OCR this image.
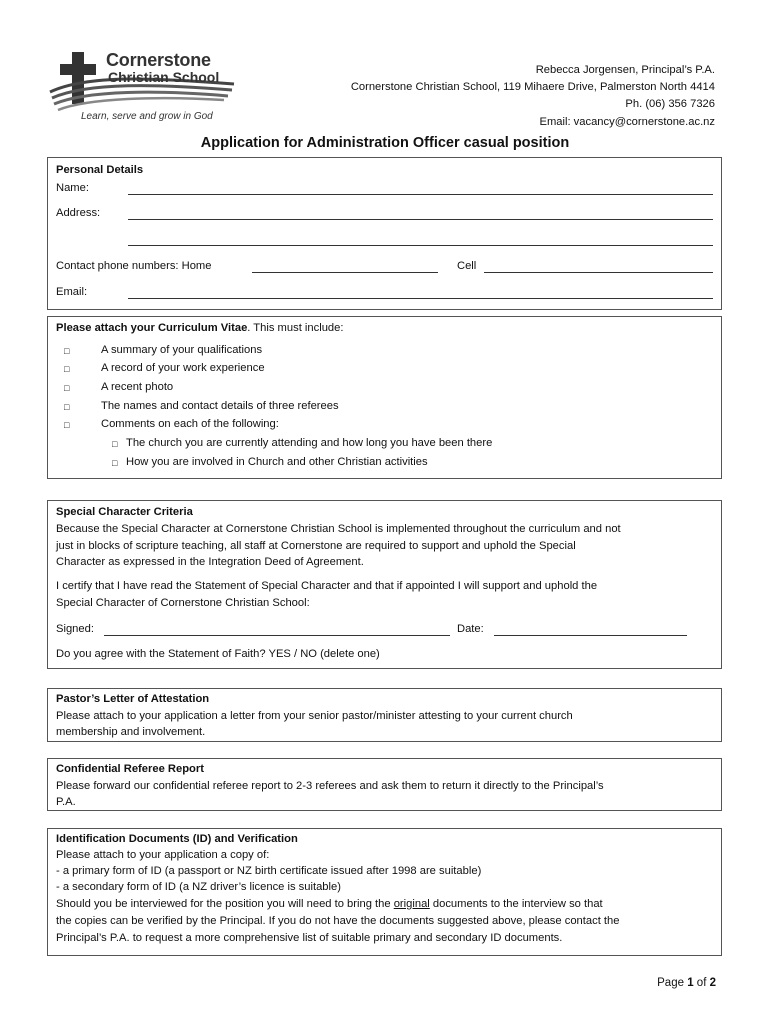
Cornerstone
Christian School
Learn, serve and grow in God
Rebecca Jorgensen, Principal’s P.A.
Cornerstone Christian School, 119 Mihaere Drive, Palmerston North 4414
Ph. (06) 356 7326
Email: vacancy@cornerstone.ac.nz
Application for Administration Officer casual position
Personal Details
Name:
Address:
Contact phone numbers: Home	Cell
Email:
Please attach your Curriculum Vitae. This must include:
□	A summary of your qualifications
□	A record of your work experience
□	A recent photo
□	The names and contact details of three referees
□	Comments on each of the following:
□ The church you are currently attending and how long you have been there
□ How you are involved in Church and other Christian activities
Special Character Criteria
Because the Special Character at Cornerstone Christian School is implemented throughout the curriculum and not
just in blocks of scripture teaching, all staff at Cornerstone are required to support and uphold the Special
Character as expressed in the Integration Deed of Agreement.
I certify that I have read the Statement of Special Character and that if appointed I will support and uphold the
Special Character of Cornerstone Christian School:
Signed:	Date:
Do you agree with the Statement of Faith? YES / NO (delete one)
Pastor’s Letter of Attestation
Please attach to your application a letter from your senior pastor/minister attesting to your current church
membership and involvement.
Confidential Referee Report
Please forward our confidential referee report to 2-3 referees and ask them to return it directly to the Principal’s
P.A.
Identification Documents (ID) and Verification
Please attach to your application a copy of:
- a primary form of ID (a passport or NZ birth certificate issued after 1998 are suitable)
- a secondary form of ID (a NZ driver’s licence is suitable)
Should you be interviewed for the position you will need to bring the original documents to the interview so that
the copies can be verified by the Principal. If you do not have the documents suggested above, please contact the
Principal’s P.A. to request a more comprehensive list of suitable primary and secondary ID documents.
Page 1 of 2
